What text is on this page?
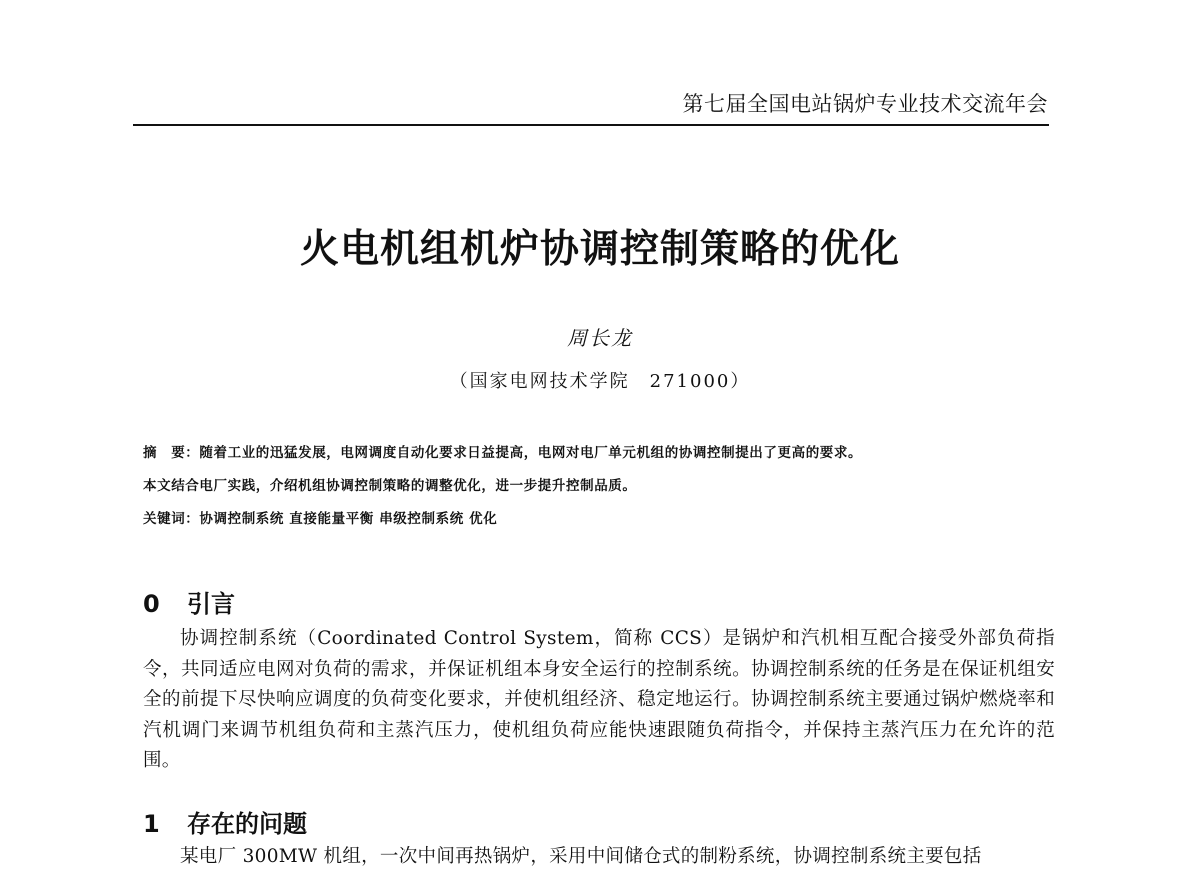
第七届全国电站锅炉专业技术交流年会
火电机组机炉协调控制策略的优化
周长龙
（国家电网技术学院　271000）
摘　要：随着工业的迅猛发展，电网调度自动化要求日益提高，电网对电厂单元机组的协调控制提出了更高的要求。
本文结合电厂实践，介绍机组协调控制策略的调整优化，进一步提升控制品质。
关键词：协调控制系统 直接能量平衡 串级控制系统 优化
0 引言
协调控制系统（Coordinated Control System，简称 CCS）是锅炉和汽机相互配合接受外部负荷指令，共同适应电网对负荷的需求，并保证机组本身安全运行的控制系统。协调控制系统的任务是在保证机组安全的前提下尽快响应调度的负荷变化要求，并使机组经济、稳定地运行。协调控制系统主要通过锅炉燃烧率和汽机调门来调节机组负荷和主蒸汽压力，使机组负荷应能快速跟随负荷指令，并保持主蒸汽压力在允许的范围。
1 存在的问题
某电厂 300MW 机组，一次中间再热锅炉，采用中间储仓式的制粉系统，协调控制系统主要包括
